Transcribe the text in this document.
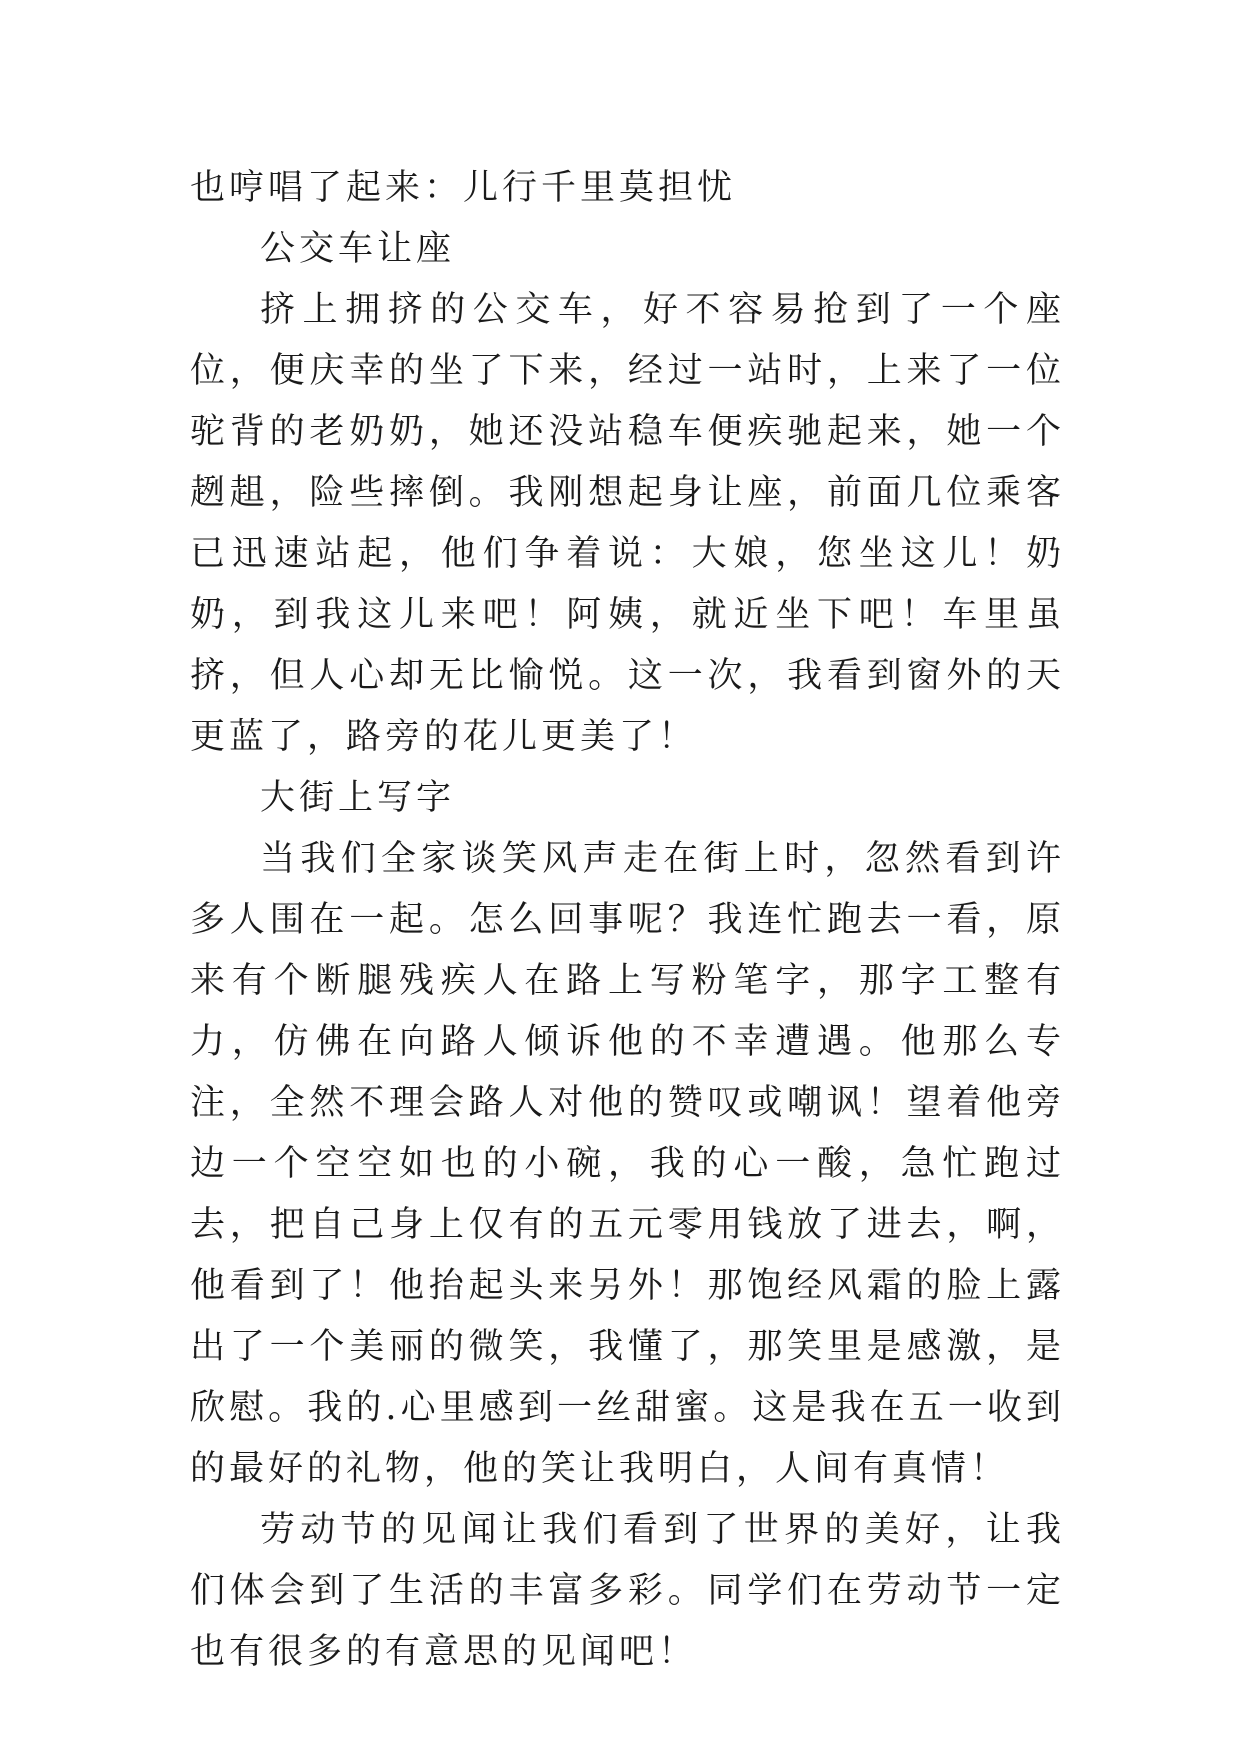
也哼唱了起来：儿行千里莫担忧

公交车让座

挤上拥挤的公交车，好不容易抢到了一个座位，便庆幸的坐了下来，经过一站时，上来了一位驼背的老奶奶，她还没站稳车便疾驰起来，她一个趔趄，险些摔倒。我刚想起身让座，前面几位乘客已迅速站起，他们争着说：大娘，您坐这儿！奶奶，到我这儿来吧！阿姨，就近坐下吧！车里虽挤，但人心却无比愉悦。这一次，我看到窗外的天更蓝了，路旁的花儿更美了！

大街上写字

当我们全家谈笑风声走在街上时，忽然看到许多人围在一起。怎么回事呢？我连忙跑去一看，原来有个断腿残疾人在路上写粉笔字，那字工整有力，仿佛在向路人倾诉他的不幸遭遇。他那么专注，全然不理会路人对他的赞叹或嘲讽！望着他旁边一个空空如也的小碗，我的心一酸，急忙跑过去，把自己身上仅有的五元零用钱放了进去，啊，他看到了！他抬起头来另外！那饱经风霜的脸上露出了一个美丽的微笑，我懂了，那笑里是感激，是欣慰。我的.心里感到一丝甜蜜。这是我在五一收到的最好的礼物，他的笑让我明白，人间有真情！

劳动节的见闻让我们看到了世界的美好，让我们体会到了生活的丰富多彩。同学们在劳动节一定也有很多的有意思的见闻吧！
